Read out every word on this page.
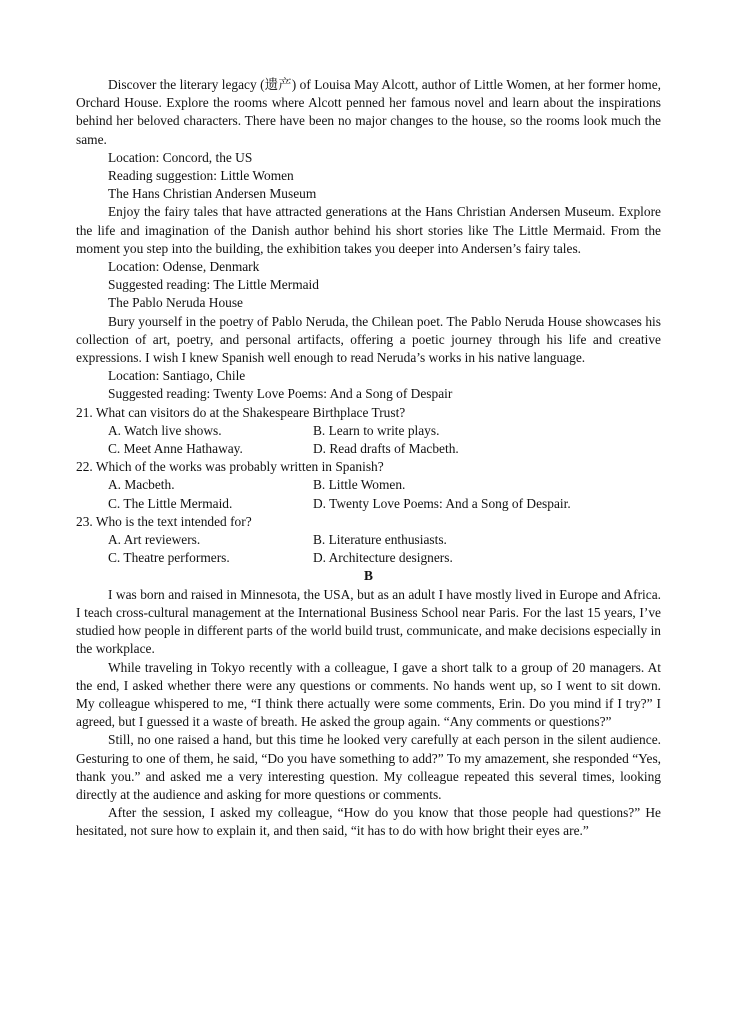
Discover the literary legacy (遗产) of Louisa May Alcott, author of Little Women, at her former home, Orchard House. Explore the rooms where Alcott penned her famous novel and learn about the inspirations behind her beloved characters. There have been no major changes to the house, so the rooms look much the same.

Location: Concord, the US

Reading suggestion: Little Women

The Hans Christian Andersen Museum

Enjoy the fairy tales that have attracted generations at the Hans Christian Andersen Museum. Explore the life and imagination of the Danish author behind his short stories like The Little Mermaid. From the moment you step into the building, the exhibition takes you deeper into Andersen’s fairy tales.

Location: Odense, Denmark

Suggested reading: The Little Mermaid

The Pablo Neruda House

Bury yourself in the poetry of Pablo Neruda, the Chilean poet. The Pablo Neruda House showcases his collection of art, poetry, and personal artifacts, offering a poetic journey through his life and creative expressions. I wish I knew Spanish well enough to read Neruda’s works in his native language.

Location: Santiago, Chile

Suggested reading: Twenty Love Poems: And a Song of Despair

21. What can visitors do at the Shakespeare Birthplace Trust?

A. Watch live shows.	B. Learn to write plays.
C. Meet Anne Hathaway.	D. Read drafts of Macbeth.

22. Which of the works was probably written in Spanish?

A. Macbeth.	B. Little Women.
C. The Little Mermaid.	D. Twenty Love Poems: And a Song of Despair.

23. Who is the text intended for?

A. Art reviewers.	B. Literature enthusiasts.
C. Theatre performers.	D. Architecture designers.

B

I was born and raised in Minnesota, the USA, but as an adult I have mostly lived in Europe and Africa. I teach cross-cultural management at the International Business School near Paris. For the last 15 years, I’ve studied how people in different parts of the world build trust, communicate, and make decisions especially in the workplace.

While traveling in Tokyo recently with a colleague, I gave a short talk to a group of 20 managers. At the end, I asked whether there were any questions or comments. No hands went up, so I went to sit down. My colleague whispered to me, “I think there actually were some comments, Erin. Do you mind if I try?” I agreed, but I guessed it a waste of breath. He asked the group again. “Any comments or questions?”

Still, no one raised a hand, but this time he looked very carefully at each person in the silent audience. Gesturing to one of them, he said, “Do you have something to add?” To my amazement, she responded “Yes, thank you.” and asked me a very interesting question. My colleague repeated this several times, looking directly at the audience and asking for more questions or comments.

After the session, I asked my colleague, “How do you know that those people had questions?” He hesitated, not sure how to explain it, and then said, “it has to do with how bright their eyes are.”
